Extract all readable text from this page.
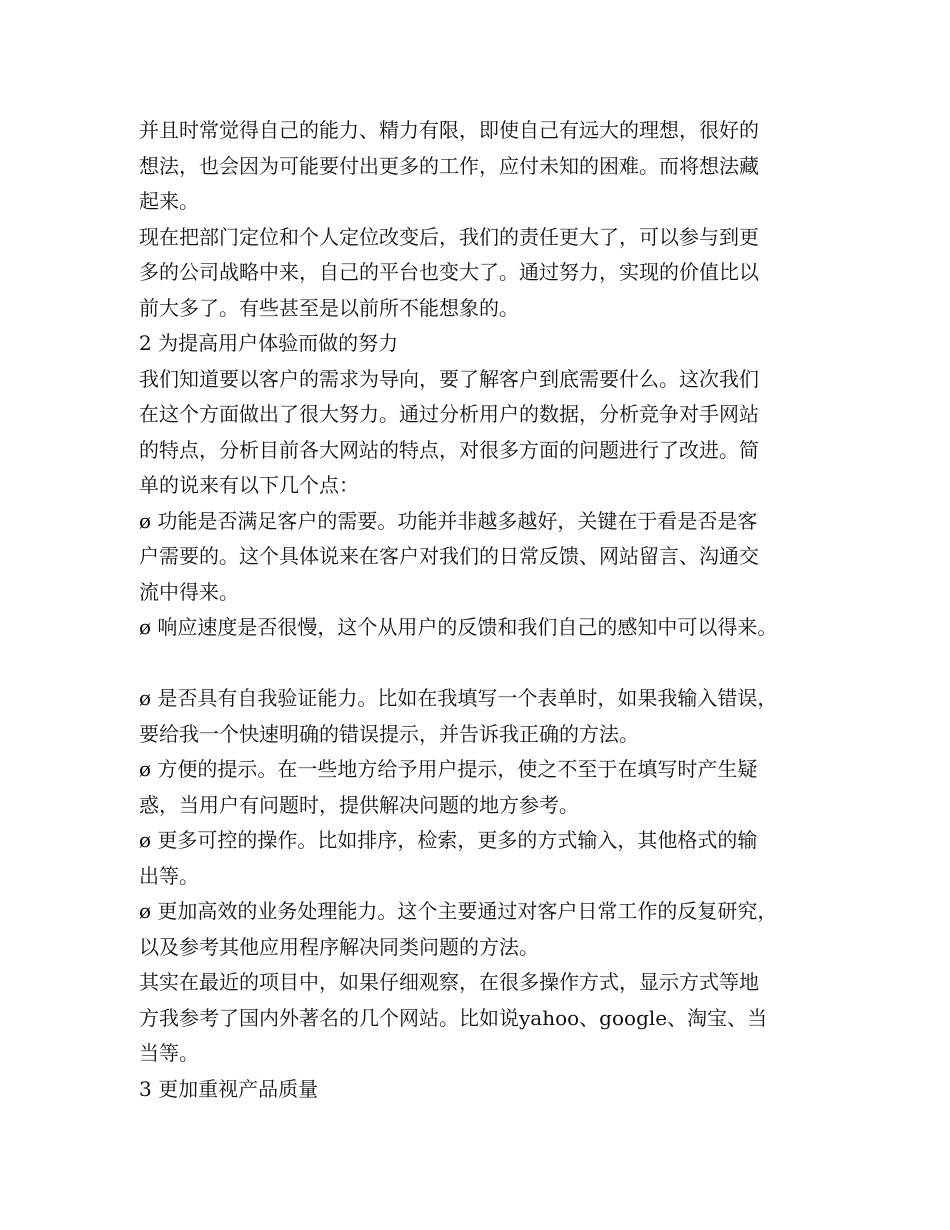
并且时常觉得自己的能力、精力有限，即使自己有远大的理想，很好的
想法，也会因为可能要付出更多的工作，应付未知的困难。而将想法藏
起来。
现在把部门定位和个人定位改变后，我们的责任更大了，可以参与到更
多的公司战略中来，自己的平台也变大了。通过努力，实现的价值比以
前大多了。有些甚至是以前所不能想象的。
2 为提高用户体验而做的努力
我们知道要以客户的需求为导向，要了解客户到底需要什么。这次我们
在这个方面做出了很大努力。通过分析用户的数据，分析竞争对手网站
的特点，分析目前各大网站的特点，对很多方面的问题进行了改进。简
单的说来有以下几个点：
ø 功能是否满足客户的需要。功能并非越多越好，关键在于看是否是客
户需要的。这个具体说来在客户对我们的日常反馈、网站留言、沟通交
流中得来。
ø 响应速度是否很慢，这个从用户的反馈和我们自己的感知中可以得来。
ø 是否具有自我验证能力。比如在我填写一个表单时，如果我输入错误，
要给我一个快速明确的错误提示，并告诉我正确的方法。
ø 方便的提示。在一些地方给予用户提示，使之不至于在填写时产生疑
惑，当用户有问题时，提供解决问题的地方参考。
ø 更多可控的操作。比如排序，检索，更多的方式输入，其他格式的输
出等。
ø 更加高效的业务处理能力。这个主要通过对客户日常工作的反复研究，
以及参考其他应用程序解决同类问题的方法。
其实在最近的项目中，如果仔细观察，在很多操作方式，显示方式等地
方我参考了国内外著名的几个网站。比如说yahoo、google、淘宝、当
当等。
3 更加重视产品质量
